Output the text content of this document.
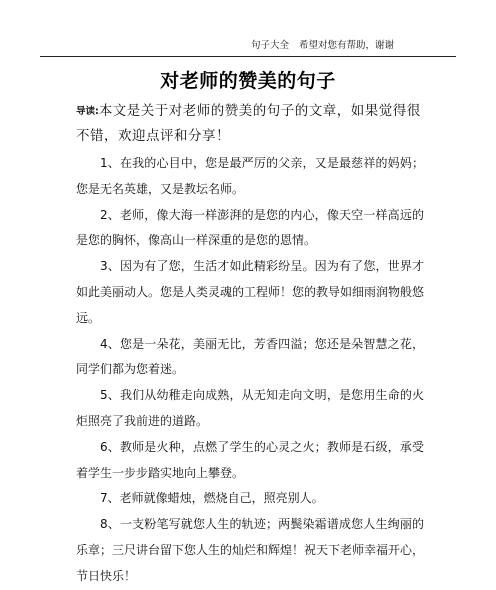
句子大全 希望对您有帮助，谢谢
对老师的赞美的句子
导读:本文是关于对老师的赞美的句子的文章，如果觉得很不错，欢迎点评和分享！

1、在我的心目中，您是最严厉的父亲，又是最慈祥的妈妈；您是无名英雄，又是教坛名师。

2、老师，像大海一样澎湃的是您的内心，像天空一样高远的是您的胸怀，像高山一样深重的是您的恩情。

3、因为有了您，生活才如此精彩纷呈。因为有了您，世界才如此美丽动人。您是人类灵魂的工程师！您的教导如细雨润物般悠远。

4、您是一朵花，美丽无比，芳香四溢；您还是朵智慧之花，同学们都为您着迷。

5、我们从幼稚走向成熟，从无知走向文明，是您用生命的火炬照亮了我前进的道路。

6、教师是火种，点燃了学生的心灵之火；教师是石级，承受着学生一步步踏实地向上攀登。

7、老师就像蜡烛，燃烧自己，照亮别人。

8、一支粉笔写就您人生的轨迹；两鬓染霜谱成您人生绚丽的乐章；三尺讲台留下您人生的灿烂和辉煌！祝天下老师幸福开心，节日快乐！
